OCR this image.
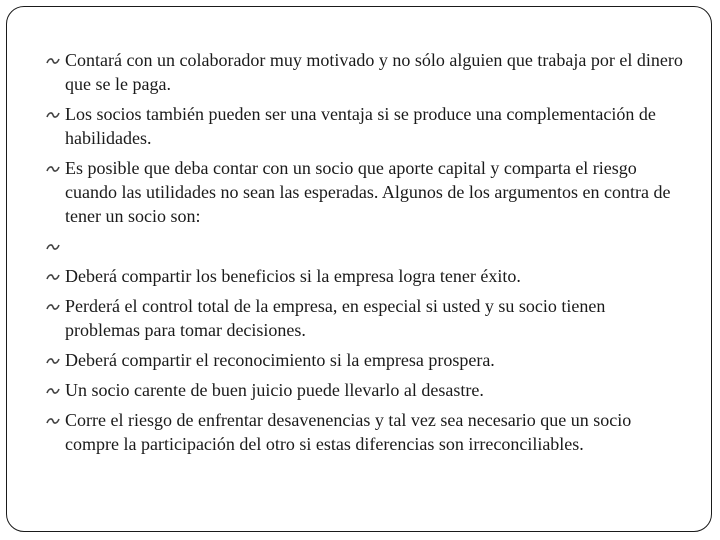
Contará con un colaborador muy motivado y no sólo alguien que trabaja por el dinero que se le paga.
Los socios también pueden ser una ventaja si se produce una complementación de habilidades.
Es posible que deba contar con un socio que aporte capital y comparta el riesgo cuando las utilidades no sean las esperadas. Algunos de los argumentos en contra de tener un socio son:
Deberá compartir los beneficios si la empresa logra tener éxito.
Perderá el control total de la empresa, en especial si usted y su socio tienen problemas para tomar decisiones.
Deberá compartir el reconocimiento si la empresa prospera.
Un socio carente de buen juicio puede llevarlo al desastre.
Corre el riesgo de enfrentar desavenencias y tal vez sea necesario que un socio compre la participación del otro si estas diferencias son irreconciliables.
